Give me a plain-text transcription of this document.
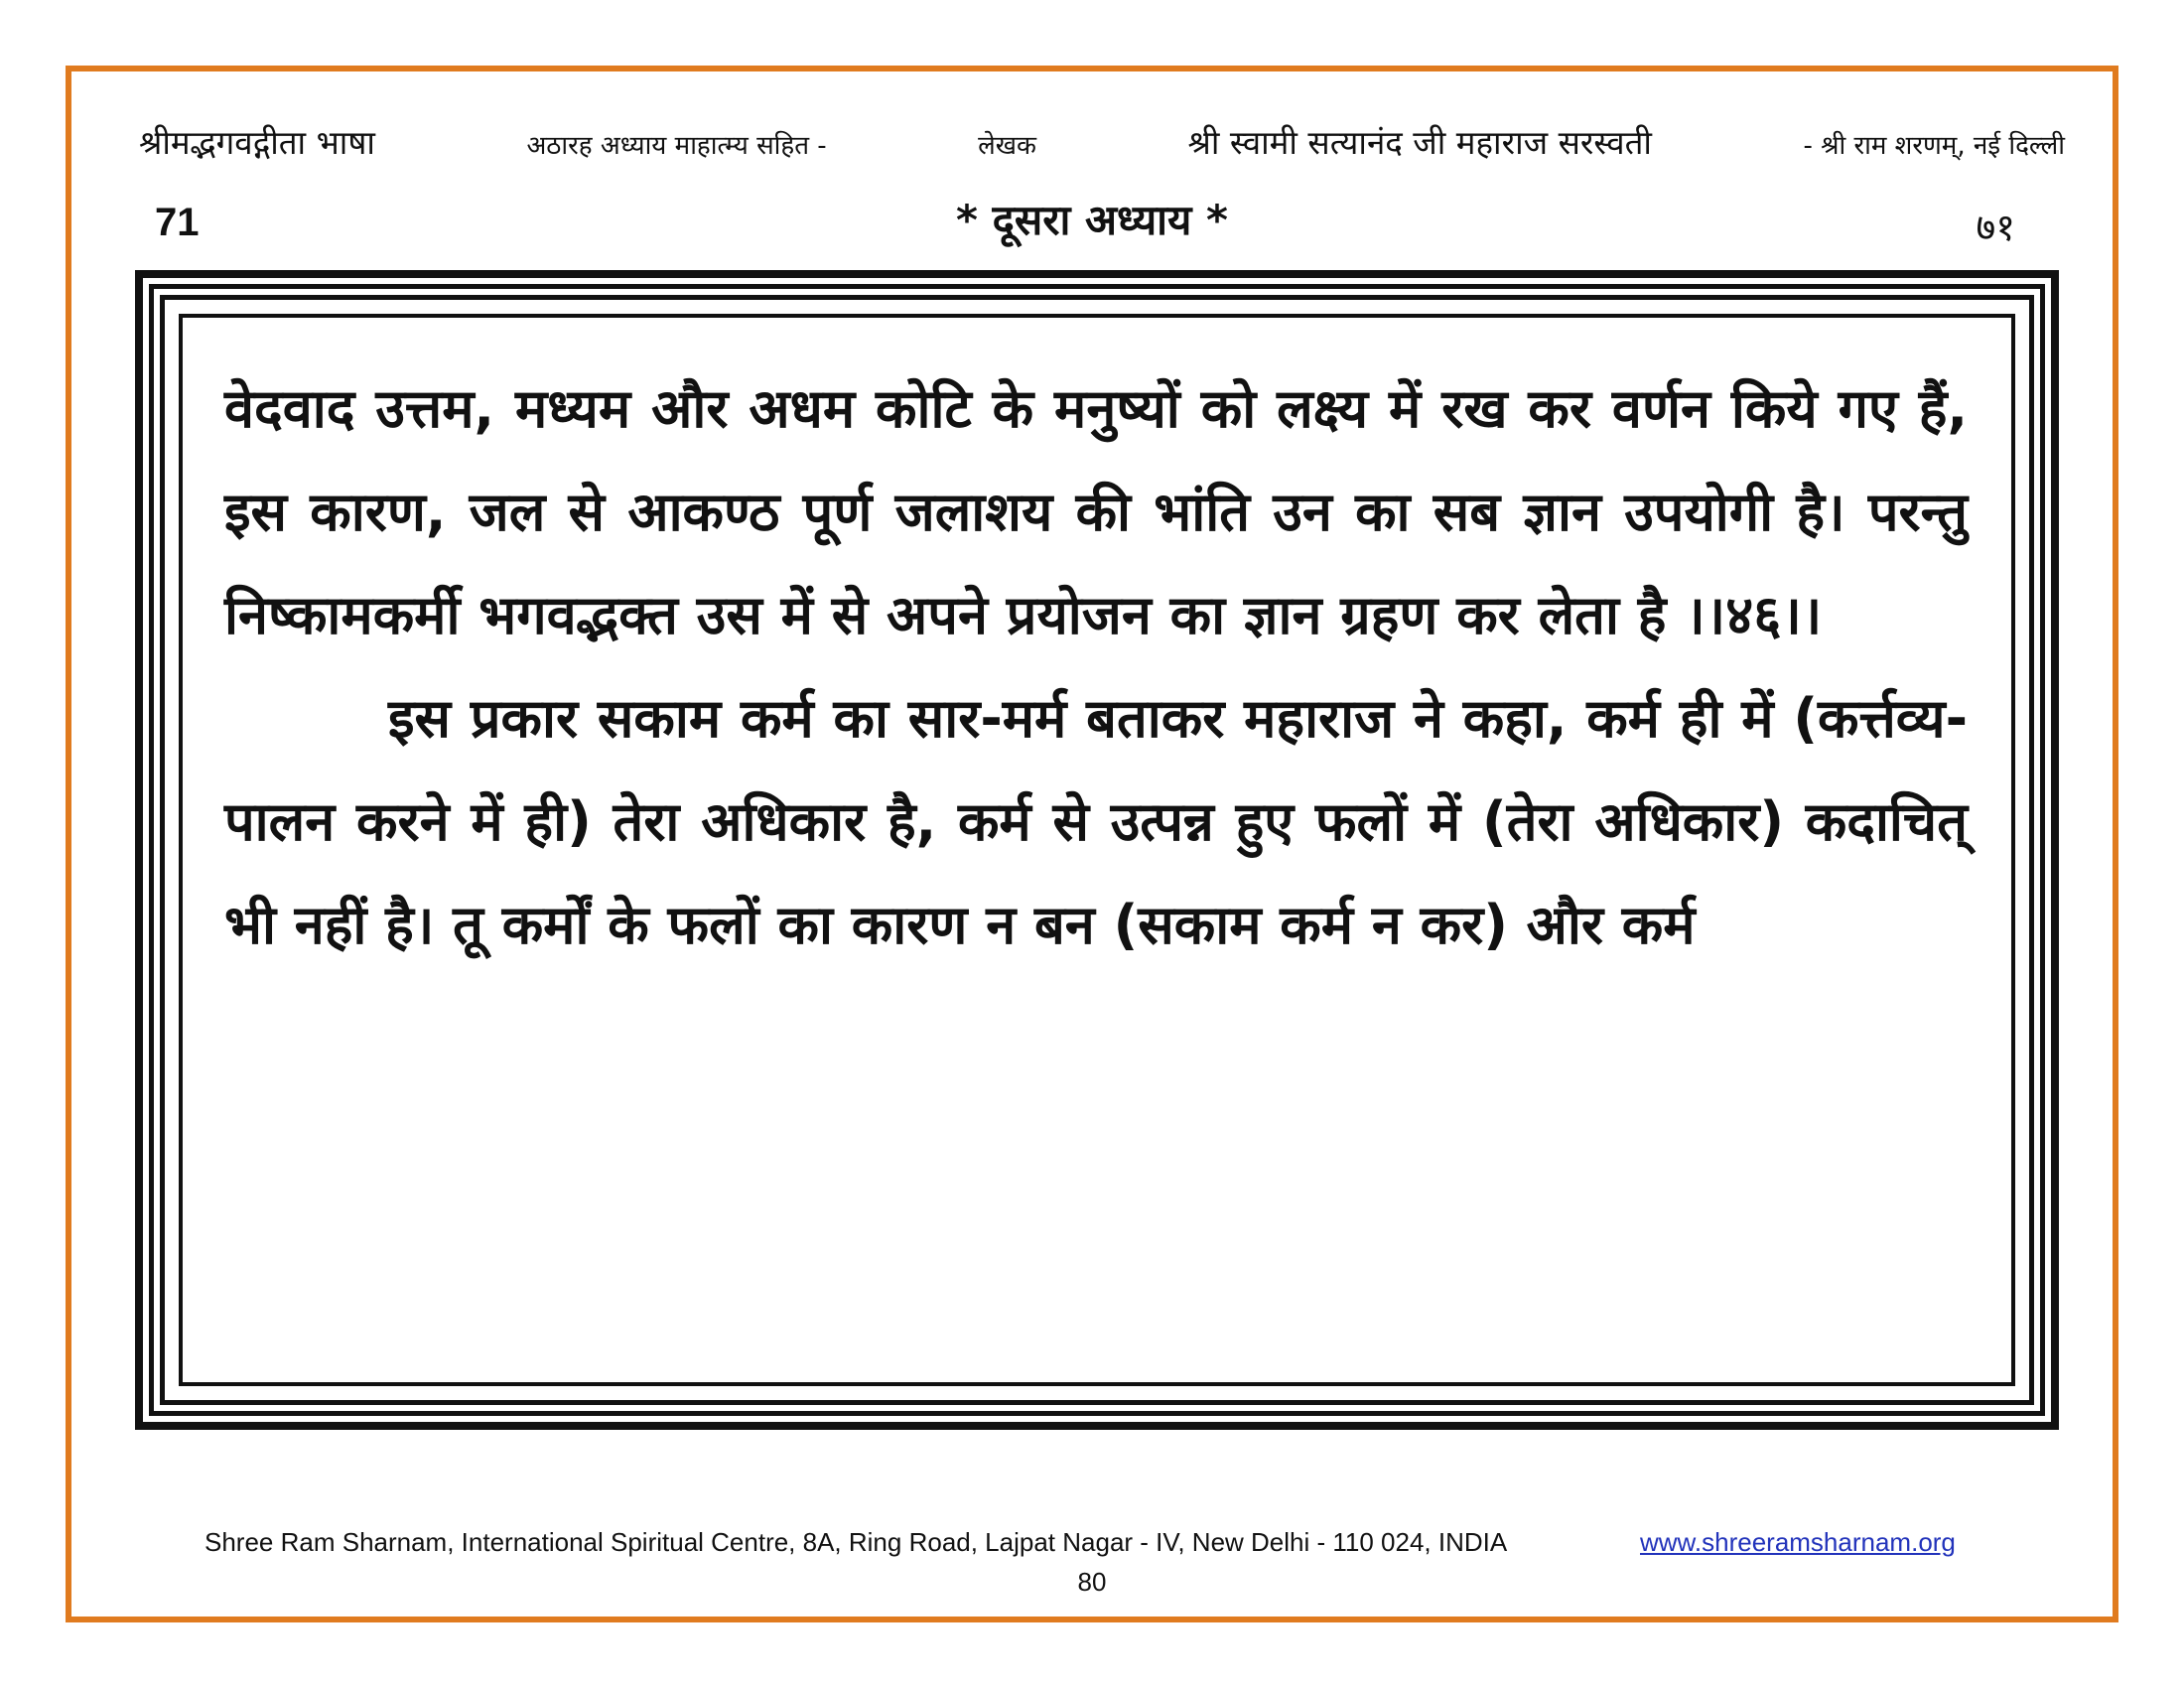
श्रीमद्भगवद्गीता भाषा	अठारह अध्याय माहात्म्य सहित -	लेखक	श्री स्वामी सत्यानंद जी महाराज सरस्वती	- श्री राम शरणम्, नई दिल्ली
71	* दूसरा अध्याय *	७१

वेदवाद उत्तम, मध्यम और अधम कोटि के मनुष्यों को लक्ष्य में रख कर वर्णन किये गए हैं, इस कारण, जल से आकण्ठ पूर्ण जलाशय की भांति उन का सब ज्ञान उपयोगी है। परन्तु निष्कामकर्मी भगवद्भक्त उस में से अपने प्रयोजन का ज्ञान ग्रहण कर लेता है ।।४६।।

इस प्रकार सकाम कर्म का सार-मर्म बताकर महाराज ने कहा, कर्म ही में (कर्त्तव्य-पालन करने में ही) तेरा अधिकार है, कर्म से उत्पन्न हुए फलों में (तेरा अधिकार) कदाचित् भी नहीं है। तू कर्मों के फलों का कारण न बन (सकाम कर्म न कर) और कर्म

Shree Ram Sharnam, International Spiritual Centre, 8A, Ring Road, Lajpat Nagar - IV, New Delhi - 110 024, INDIA	www.shreeramsharnam.org
80
